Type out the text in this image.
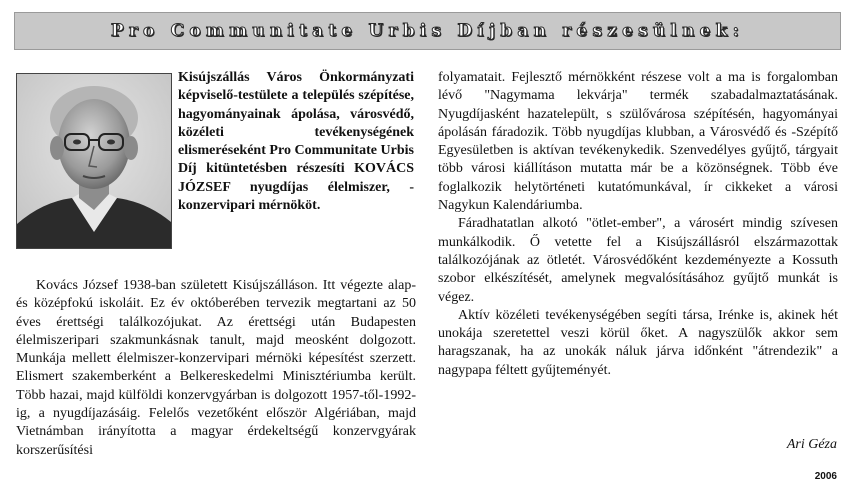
Pro Communitate Urbis Díjban részesülnek:

Kisújszállás Város Önkormányzati képviselő-testülete a település szépítése, hagyományainak ápolása, városvédő, közéleti tevékenységének elismeréseként Pro Communitate Urbis Díj kitüntetésben részesíti KOVÁCS JÓZSEF nyugdíjas élelmiszer, -konzervipari mérnököt.

Kovács József 1938-ban született Kisújszálláson. Itt végezte alap-és középfokú iskoláit. Ez év októberében tervezik megtartani az 50 éves érettségi találkozójukat. Az érettségi után Budapesten élelmiszeripari szakmunkásnak tanult, majd meosként dolgozott. Munkája mellett élelmiszer-konzervipari mérnöki képesítést szerzett. Elismert szakemberként a Belkereskedelmi Minisztériumba került. Több hazai, majd külföldi konzervgyárban is dolgozott 1957-től-1992-ig, a nyugdíjazásáig. Felelős vezetőként először Algériában, majd Vietnámban irányította a magyar érdekeltségű konzervgyárak korszerűsítési

folyamatait. Fejlesztő mérnökként részese volt a ma is forgalomban lévő "Nagymama lekvárja" termék szabadalmaztatásának. Nyugdíjasként hazatelepült, s szülővárosa szépítésén, hagyományai ápolásán fáradozik. Több nyugdíjas klubban, a Városvédő és -Szépítő Egyesületben is aktívan tevékenykedik. Szenvedélyes gyűjtő, tárgyait több városi kiállításon mutatta már be a közönségnek. Több éve foglalkozik helytörténeti kutatómunkával, ír cikkeket a városi Nagykun Kalendáriumba.

Fáradhatatlan alkotó "ötlet-ember", a városért mindig szívesen munkálkodik. Ő vetette fel a Kisújszállásról elszármazottak találkozójának az ötletét. Városvédőként kezdeményezte a Kossuth szobor elkészítését, amelynek megvalósításához gyűjtő munkát is végez.

Aktív közéleti tevékenységében segíti társa, Irénke is, akinek hét unokája szeretettel veszi körül őket. A nagyszülők akkor sem haragszanak, ha az unokák náluk járva időnként "átrendezik" a nagypapa féltett gyűjteményét.

Ari Géza
2006
